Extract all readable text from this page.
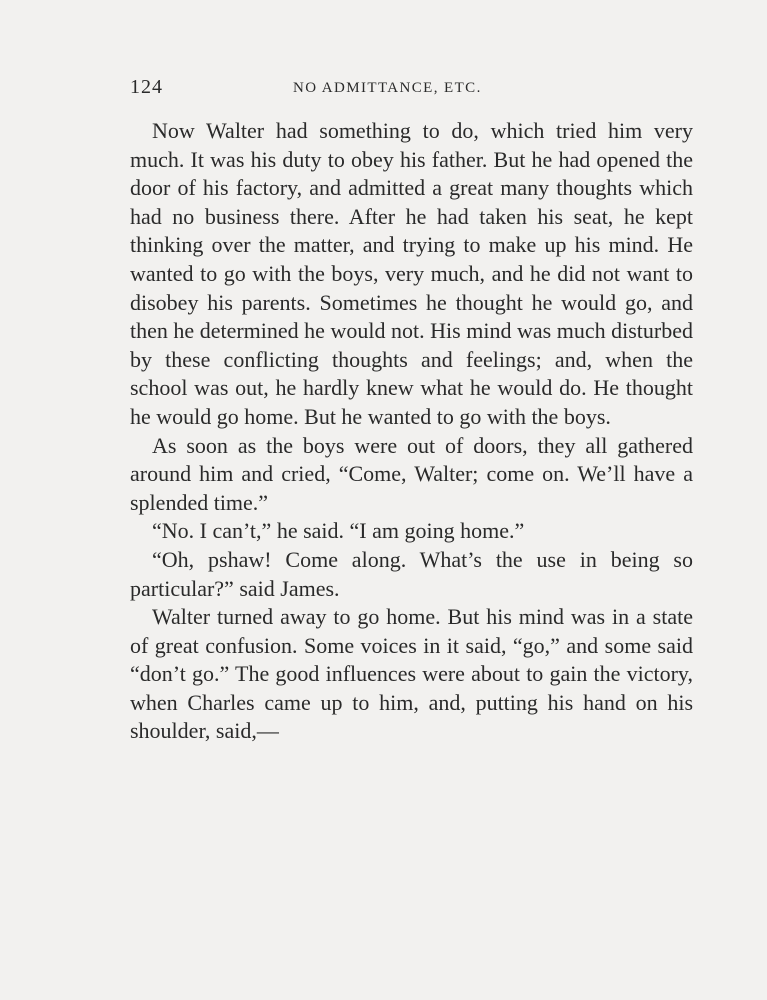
124	NO ADMITTANCE, ETC.

Now Walter had something to do, which tried him very much. It was his duty to obey his father. But he had opened the door of his factory, and admitted a great many thoughts which had no business there. After he had taken his seat, he kept thinking over the matter, and trying to make up his mind. He wanted to go with the boys, very much, and he did not want to disobey his parents. Sometimes he thought he would go, and then he determined he would not. His mind was much disturbed by these conflicting thoughts and feelings; and, when the school was out, he hardly knew what he would do. He thought he would go home. But he wanted to go with the boys.

As soon as the boys were out of doors, they all gathered around him and cried, “Come, Walter; come on. We’ll have a splended time.”

“No. I can’t,” he said. “I am going home.”

“Oh, pshaw! Come along. What’s the use in being so particular?” said James.

Walter turned away to go home. But his mind was in a state of great confusion. Some voices in it said, “go,” and some said “don’t go.” The good influences were about to gain the victory, when Charles came up to him, and, putting his hand on his shoulder, said,—
